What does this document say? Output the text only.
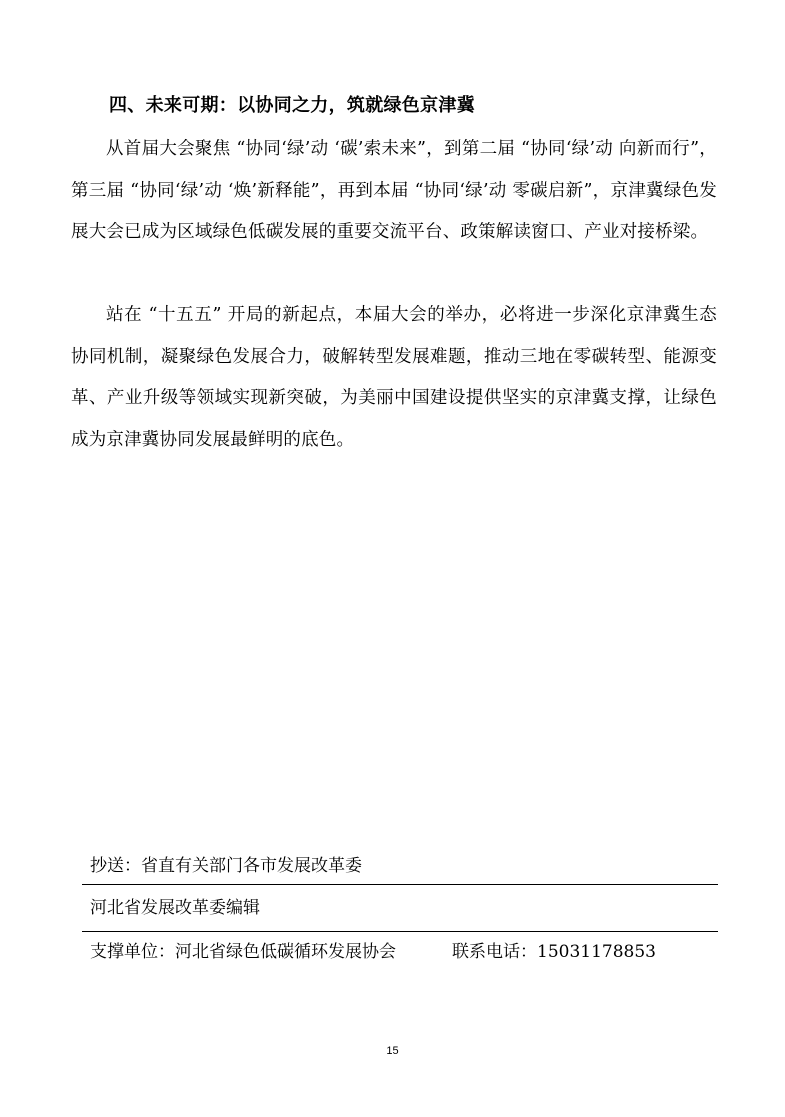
四、未来可期：以协同之力，筑就绿色京津冀

从首届大会聚焦 “协同‘绿’动 ‘碳’索未来”，到第二届 “协同‘绿’动 向新而行”，第三届 “协同‘绿’动 ‘焕’新释能”，再到本届 “协同‘绿’动 零碳启新”，京津冀绿色发展大会已成为区域绿色低碳发展的重要交流平台、政策解读窗口、产业对接桥梁。

站在 “十五五” 开局的新起点，本届大会的举办，必将进一步深化京津冀生态协同机制，凝聚绿色发展合力，破解转型发展难题，推动三地在零碳转型、能源变革、产业升级等领域实现新突破，为美丽中国建设提供坚实的京津冀支撑，让绿色成为京津冀协同发展最鲜明的底色。

抄送：省直有关部门各市发展改革委
河北省发展改革委编辑
支撑单位：河北省绿色低碳循环发展协会	联系电话：15031178853
15
